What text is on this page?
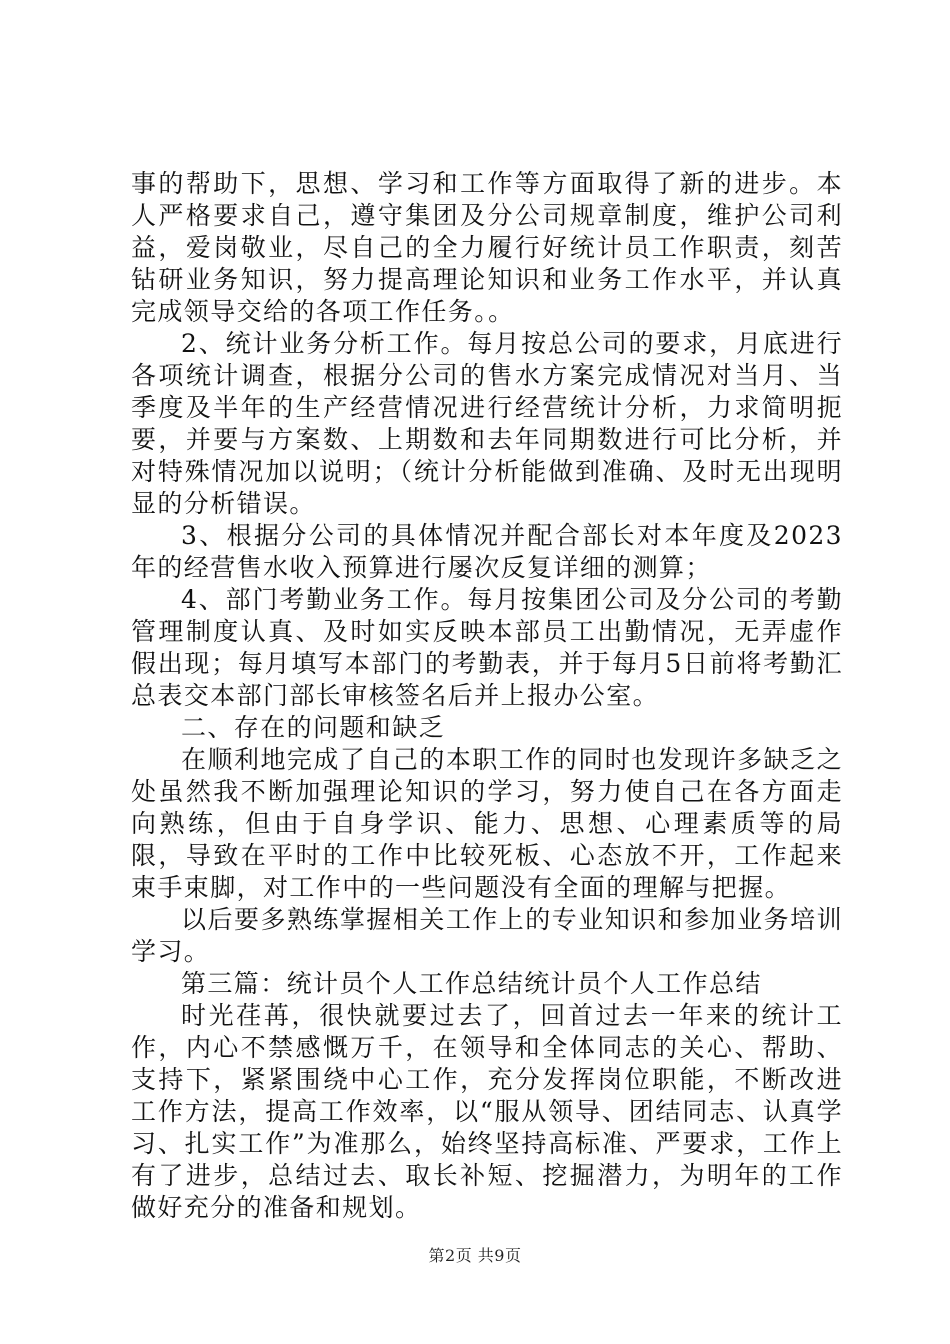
事的帮助下，思想、学习和工作等方面取得了新的进步。本人严格要求自己，遵守集团及分公司规章制度，维护公司利益，爱岗敬业，尽自己的全力履行好统计员工作职责，刻苦钻研业务知识，努力提高理论知识和业务工作水平，并认真完成领导交给的各项工作任务。。

2、统计业务分析工作。每月按总公司的要求，月底进行各项统计调查，根据分公司的售水方案完成情况对当月、当季度及半年的生产经营情况进行经营统计分析，力求简明扼要，并要与方案数、上期数和去年同期数进行可比分析，并对特殊情况加以说明；（统计分析能做到准确、及时无出现明显的分析错误。

3、根据分公司的具体情况并配合部长对本年度及2023年的经营售水收入预算进行屡次反复详细的测算；

4、部门考勤业务工作。每月按集团公司及分公司的考勤管理制度认真、及时如实反映本部员工出勤情况，无弄虚作假出现；每月填写本部门的考勤表，并于每月5日前将考勤汇总表交本部门部长审核签名后并上报办公室。

二、存在的问题和缺乏

在顺利地完成了自己的本职工作的同时也发现许多缺乏之处虽然我不断加强理论知识的学习，努力使自己在各方面走向熟练，但由于自身学识、能力、思想、心理素质等的局限，导致在平时的工作中比较死板、心态放不开，工作起来束手束脚，对工作中的一些问题没有全面的理解与把握。

以后要多熟练掌握相关工作上的专业知识和参加业务培训学习。

第三篇：统计员个人工作总结统计员个人工作总结

时光荏苒，很快就要过去了，回首过去一年来的统计工作，内心不禁感慨万千，在领导和全体同志的关心、帮助、支持下，紧紧围绕中心工作，充分发挥岗位职能，不断改进工作方法，提高工作效率，以“服从领导、团结同志、认真学习、扎实工作”为准那么，始终坚持高标准、严要求，工作上有了进步，总结过去、取长补短、挖掘潜力，为明年的工作做好充分的准备和规划。

第2页 共9页
